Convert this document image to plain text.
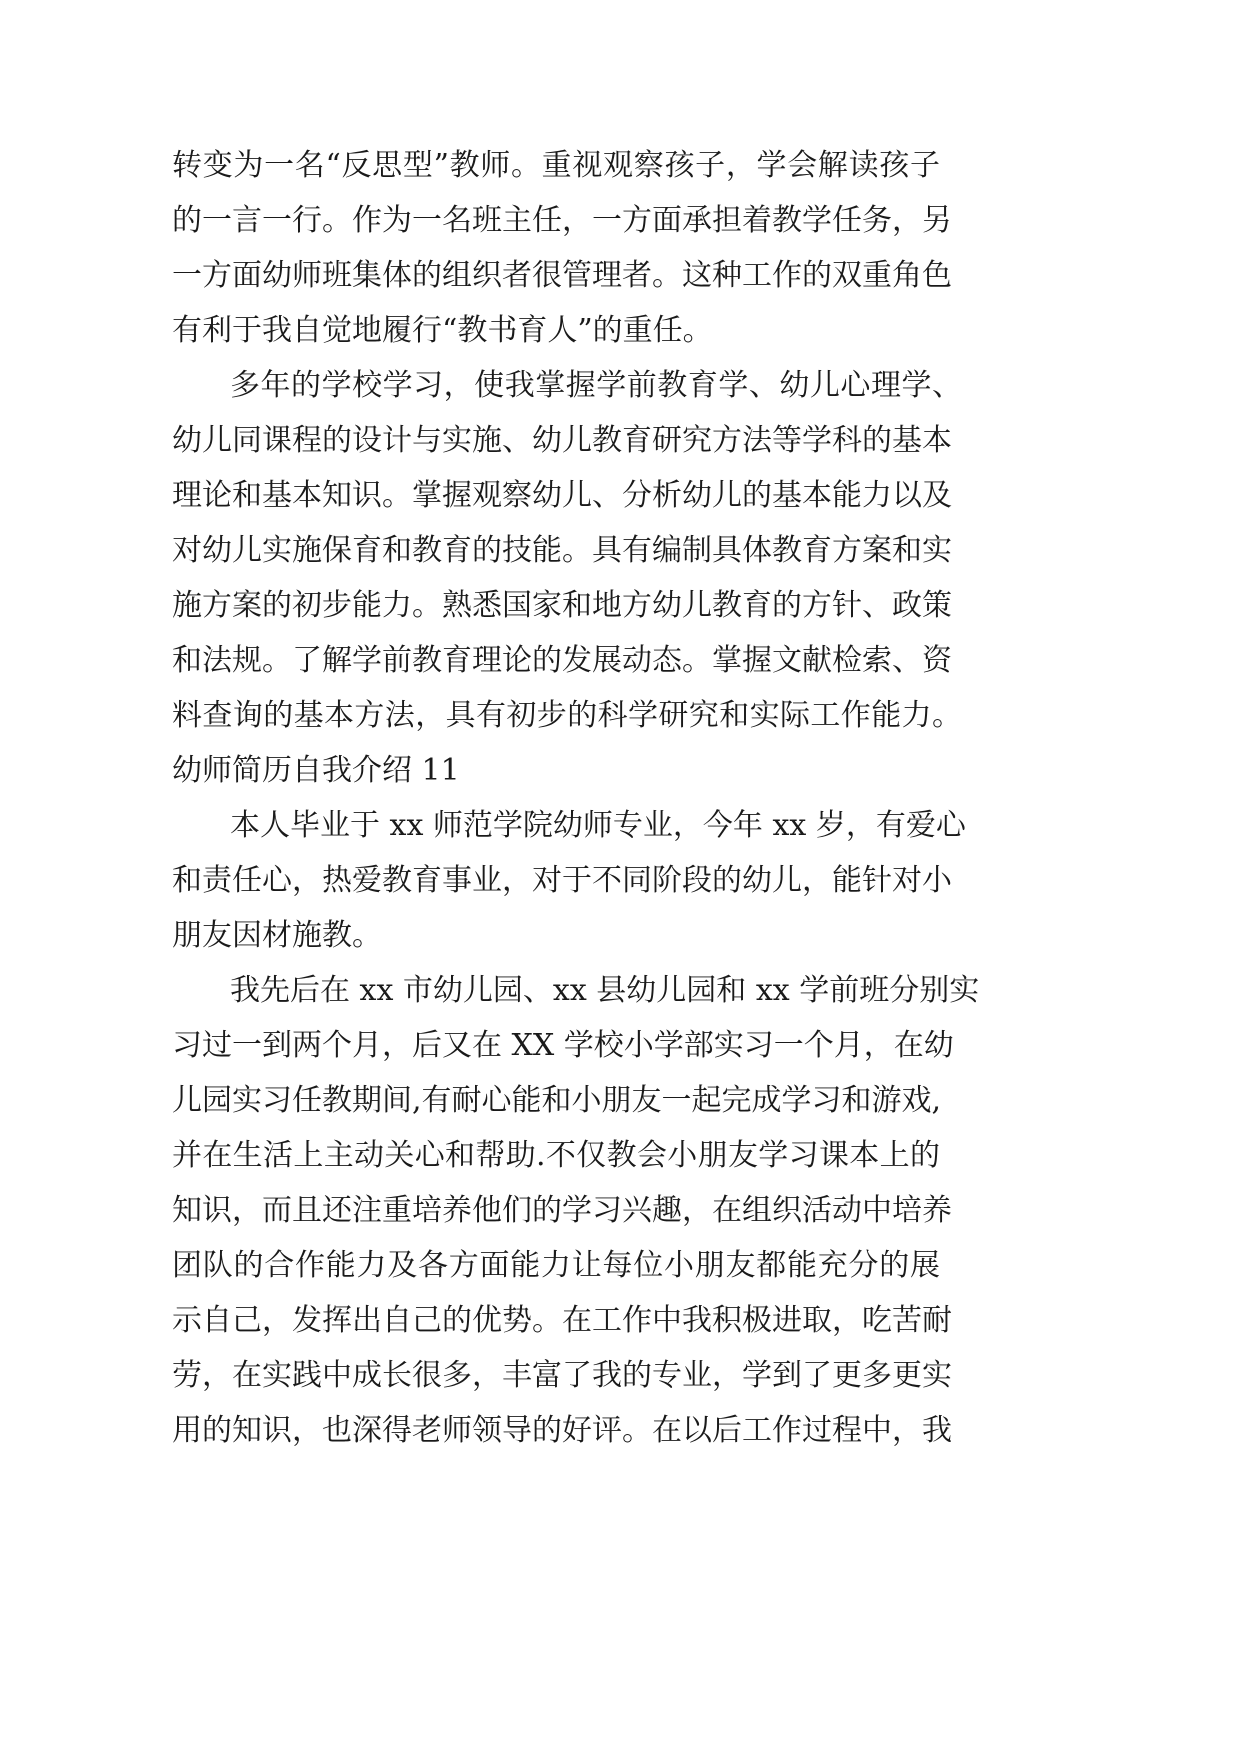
转变为一名“反思型”教师。重视观察孩子，学会解读孩子
的一言一行。作为一名班主任，一方面承担着教学任务，另
一方面幼师班集体的组织者很管理者。这种工作的双重角色
有利于我自觉地履行“教书育人”的重任。
多年的学校学习，使我掌握学前教育学、幼儿心理学、
幼儿同课程的设计与实施、幼儿教育研究方法等学科的基本
理论和基本知识。掌握观察幼儿、分析幼儿的基本能力以及
对幼儿实施保育和教育的技能。具有编制具体教育方案和实
施方案的初步能力。熟悉国家和地方幼儿教育的方针、政策
和法规。了解学前教育理论的发展动态。掌握文献检索、资
料查询的基本方法，具有初步的科学研究和实际工作能力。
幼师简历自我介绍 11
本人毕业于 xx 师范学院幼师专业，今年 xx 岁，有爱心
和责任心，热爱教育事业，对于不同阶段的幼儿，能针对小
朋友因材施教。
我先后在 xx 市幼儿园、xx 县幼儿园和 xx 学前班分别实
习过一到两个月，后又在 XX 学校小学部实习一个月，在幼
儿园实习任教期间,有耐心能和小朋友一起完成学习和游戏,
并在生活上主动关心和帮助.不仅教会小朋友学习课本上的
知识，而且还注重培养他们的学习兴趣，在组织活动中培养
团队的合作能力及各方面能力让每位小朋友都能充分的展
示自己，发挥出自己的优势。在工作中我积极进取，吃苦耐
劳，在实践中成长很多，丰富了我的专业，学到了更多更实
用的知识，也深得老师领导的好评。在以后工作过程中，我
